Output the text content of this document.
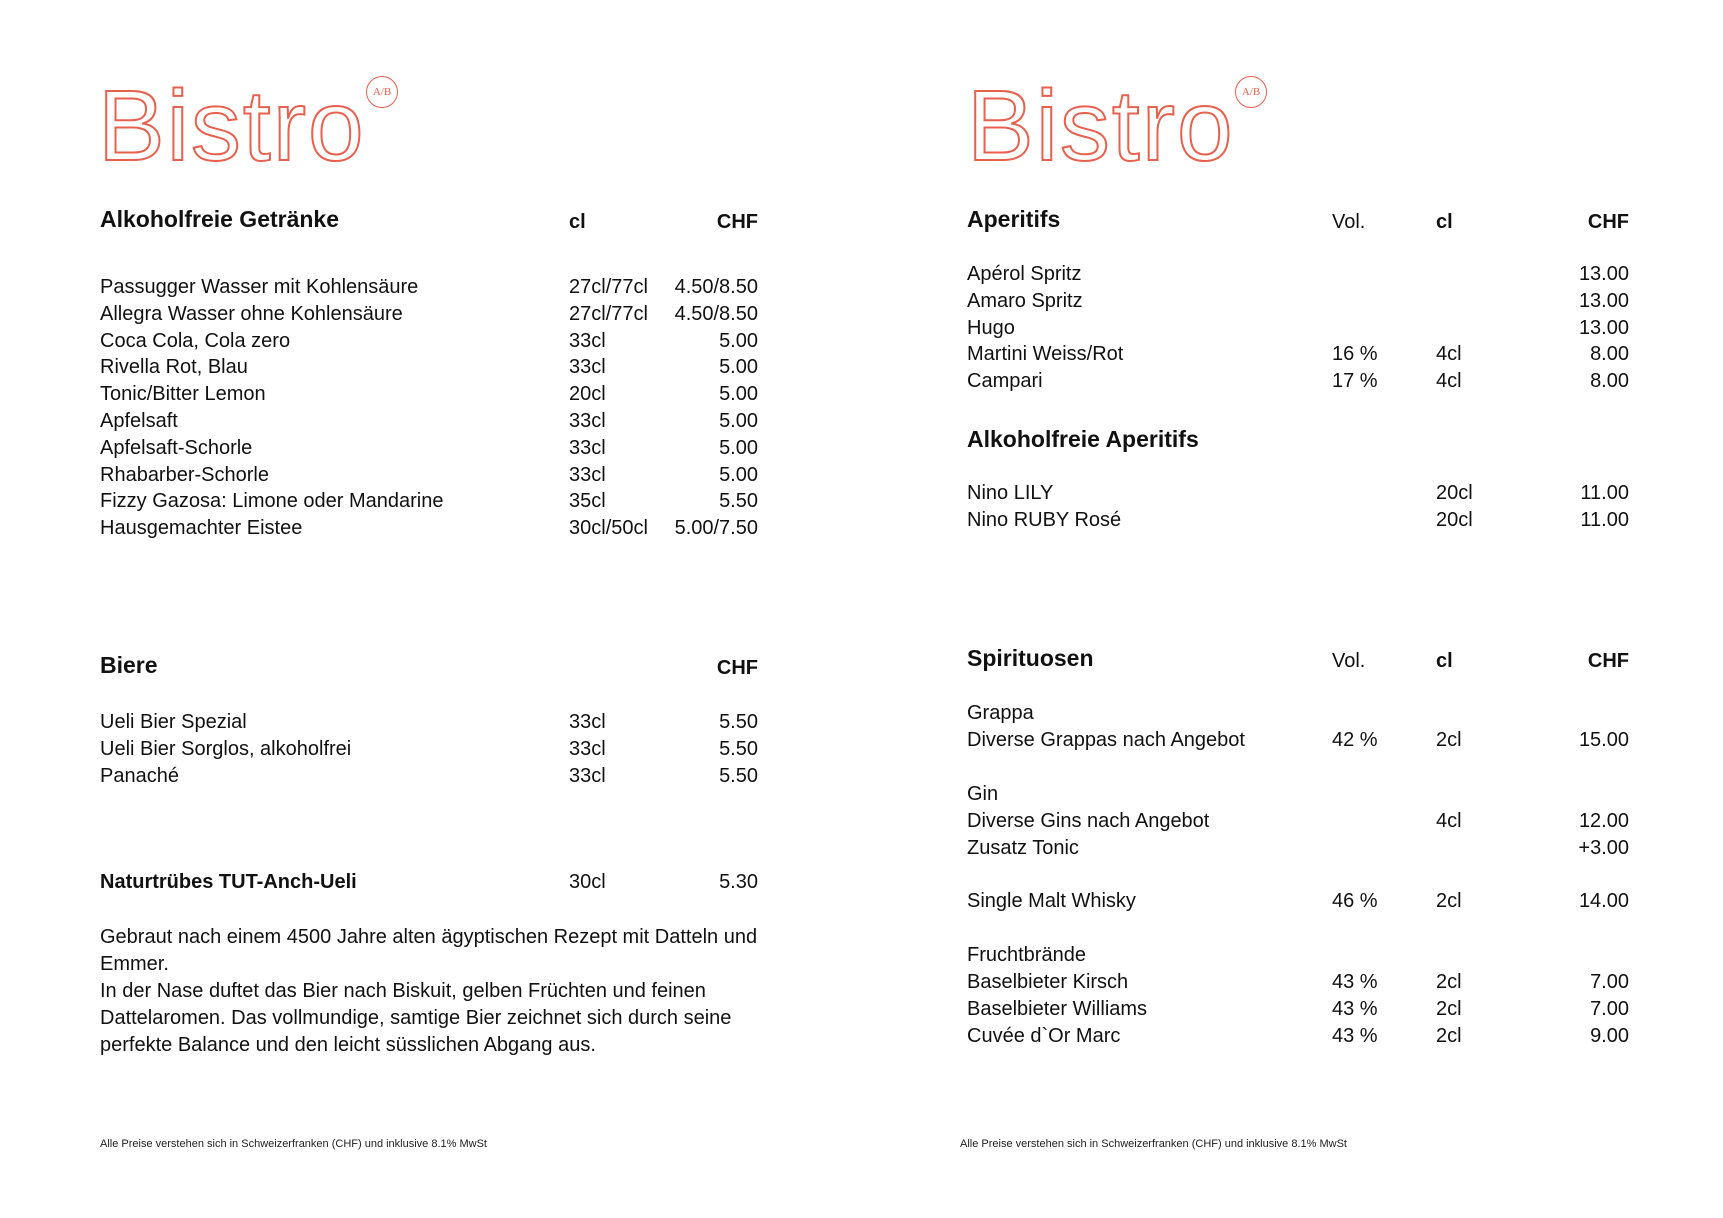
Bistro A/B
Alkoholfreie Getränke	cl	CHF
Passugger Wasser mit Kohlensäure	27cl/77cl	4.50/8.50
Allegra Wasser ohne Kohlensäure	27cl/77cl	4.50/8.50
Coca Cola, Cola zero	33cl	5.00
Rivella Rot, Blau	33cl	5.00
Tonic/Bitter Lemon	20cl	5.00
Apfelsaft	33cl	5.00
Apfelsaft-Schorle	33cl	5.00
Rhabarber-Schorle	33cl	5.00
Fizzy Gazosa: Limone oder Mandarine	35cl	5.50
Hausgemachter Eistee	30cl/50cl	5.00/7.50
Biere	CHF
Ueli Bier Spezial	33cl	5.50
Ueli Bier Sorglos, alkoholfrei	33cl	5.50
Panaché	33cl	5.50
Naturtrübes TUT-Anch-Ueli	30cl	5.30
Gebraut nach einem 4500 Jahre alten ägyptischen Rezept mit Datteln und Emmer.
In der Nase duftet das Bier nach Biskuit, gelben Früchten und feinen Dattelaromen. Das vollmundige, samtige Bier zeichnet sich durch seine perfekte Balance und den leicht süsslichen Abgang aus.
Alle Preise verstehen sich in Schweizerfranken (CHF) und inklusive 8.1% MwSt
Bistro A/B
Aperitifs	Vol.	cl	CHF
Apérol Spritz	13.00
Amaro Spritz	13.00
Hugo	13.00
Martini Weiss/Rot	16 %	4cl	8.00
Campari	17 %	4cl	8.00
Alkoholfreie Aperitifs
Nino LILY	20cl	11.00
Nino RUBY Rosé	20cl	11.00
Spirituosen	Vol.	cl	CHF
Grappa
Diverse Grappas nach Angebot	42 %	2cl	15.00
Gin
Diverse Gins nach Angebot	4cl	12.00
Zusatz Tonic	+3.00
Single Malt Whisky	46 %	2cl	14.00
Fruchtbrände
Baselbieter Kirsch	43 %	2cl	7.00
Baselbieter Williams	43 %	2cl	7.00
Cuvée d`Or Marc	43 %	2cl	9.00
Alle Preise verstehen sich in Schweizerfranken (CHF) und inklusive 8.1% MwSt
